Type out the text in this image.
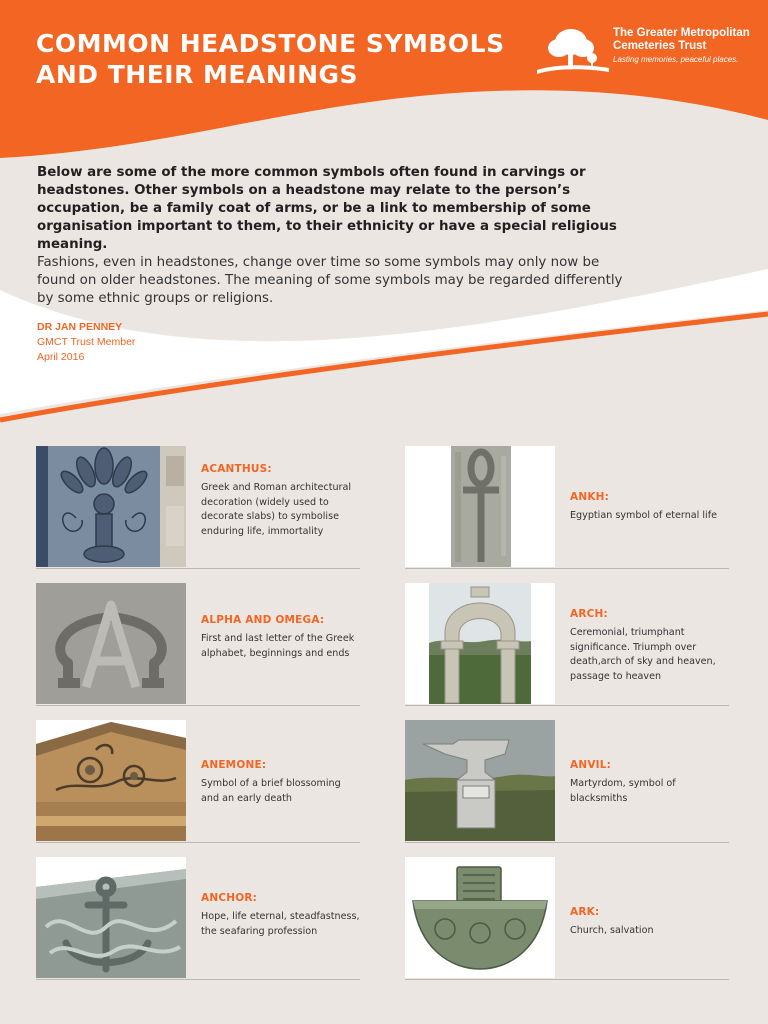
COMMON HEADSTONE SYMBOLS
AND THEIR MEANINGS
The Greater Metropolitan
Cemeteries Trust
Lasting memories, peaceful places.
Below are some of the more common symbols often found in carvings or headstones. Other symbols on a headstone may relate to the person’s occupation, be a family coat of arms, or be a link to membership of some organisation important to them, to their ethnicity or have a special religious meaning.
Fashions, even in headstones, change over time so some symbols may only now be found on older headstones. The meaning of some symbols may be regarded differently by some ethnic groups or religions.
DR JAN PENNEY
GMCT Trust Member
April 2016
ACANTHUS:
Greek and Roman architectural decoration (widely used to decorate slabs) to symbolise enduring life, immortality
ANKH:
Egyptian symbol of eternal life
ALPHA AND OMEGA:
First and last letter of the Greek alphabet, beginnings and ends
ARCH:
Ceremonial, triumphant significance. Triumph over death,arch of sky and heaven, passage to heaven
ANEMONE:
Symbol of a brief blossoming and an early death
ANVIL:
Martyrdom, symbol of blacksmiths
ANCHOR:
Hope, life eternal, steadfastness, the seafaring profession
ARK:
Church, salvation
